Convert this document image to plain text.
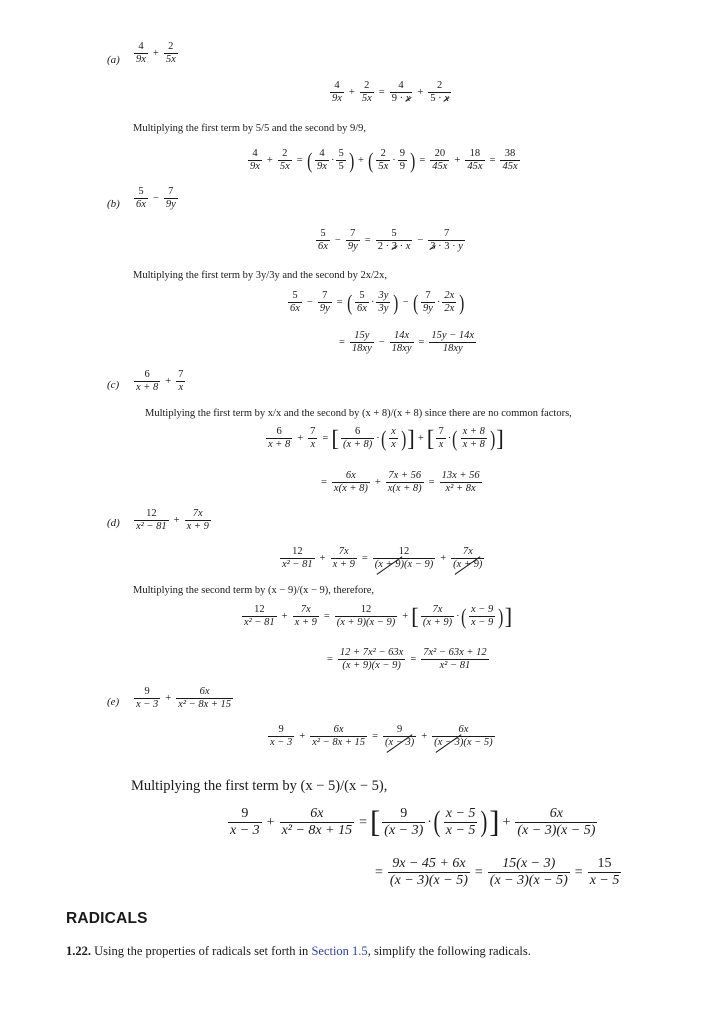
$(a) \frac{4}{9x} + \frac{2}{5x}$
$\frac{4}{9x} + \frac{2}{5x} = \frac{4}{9 \cdot x} + \frac{2}{5 \cdot x}$
Multiplying the first term by 5/5 and the second by 9/9,
$\frac{4}{9x} + \frac{2}{5x}$ = ( $\frac{4}{9x} \cdot \frac{5}{5}$ ) + ( $\frac{2}{5x} \cdot \frac{9}{9}$ ) = $\frac{20}{45x} + \frac{18}{45x} = \frac{38}{45x}$
$(b) \frac{5}{6x} - \frac{7}{9y}$
$\frac{5}{6x} - \frac{7}{9y} = \frac{5}{2 \cdot 3 \cdot x} - \frac{7}{3 \cdot 3 \cdot y}$
Multiplying the first term by 3y/3y and the second by 2x/2x,
$\frac{5}{6x} - \frac{7}{9y}$ = ( $\frac{5}{6x} \cdot \frac{3y}{3y}$ ) − ( $\frac{7}{9y} \cdot \frac{2x}{2x}$ )
= $\frac{15y}{18xy} - \frac{14x}{18xy} = \frac{15y - 14x}{18xy}$
$(c) \frac{6}{x + 8} + \frac{7}{x}$
Multiplying the first term by x/x and the second by (x + 8)/(x + 8) since there are no common factors,
$\frac{6}{x + 8} + \frac{7}{x}$ = [ $\frac{6}{(x + 8)}$ ·( $\frac{x}{x}$ )] + [ $\frac{7}{x}$ ·( $\frac{x + 8}{x + 8}$ )]
= $\frac{6x}{x(x + 8)} + \frac{7x + 56}{x(x + 8)} = \frac{13x + 56}{\text{x² + 8x}}$
$(d) \frac{12}{\text{x² − 81}} + \frac{7x}{x + 9}$
$\frac{12}{\text{x² − 81}} + \frac{7x}{x + 9} = \frac{12}{(x + 9)(x - 9)} + \frac{7x}{(x + 9)}$
Multiplying the second term by (x − 9)/(x − 9), therefore,
$\frac{12}{\text{x² − 81}} + \frac{7x}{x + 9} = \frac{12}{(x + 9)(x - 9)}$ + [ $\frac{7x}{(x + 9)}$ ·( $\frac{x - 9}{x - 9}$ )]
= $\frac{\text{12 + 7x² − 63x}}{(x + 9)(x - 9)} = \frac{\text{7x² − 63x + 12}}{\text{x² − 81}}$
$(e) \frac{9}{x - 3} + \frac{6x}{\text{x² − 8x + 15}}$
$\frac{9}{x - 3} + \frac{6x}{\text{x² − 8x + 15}} = \frac{9}{(x - 3)} + \frac{6x}{(x - 3)(x - 5)}$
Multiplying the first term by (x − 5)/(x − 5),
$\frac{9}{x - 3} + \frac{6x}{\text{x² − 8x + 15}}$ =[ $\frac{9}{(x - 3)}$ ·( $\frac{x - 5}{x - 5}$ )] + $\frac{6x}{(x - 3)(x - 5)}$
= $\frac{9x - 45 + 6x}{(x - 3)(x - 5)} = \frac{15(x - 3)}{(x - 3)(x - 5)} = \frac{15}{x - 5}$
RADICALS
1.22. Using the properties of radicals set forth in Section 1.5, simplify the following radicals.
